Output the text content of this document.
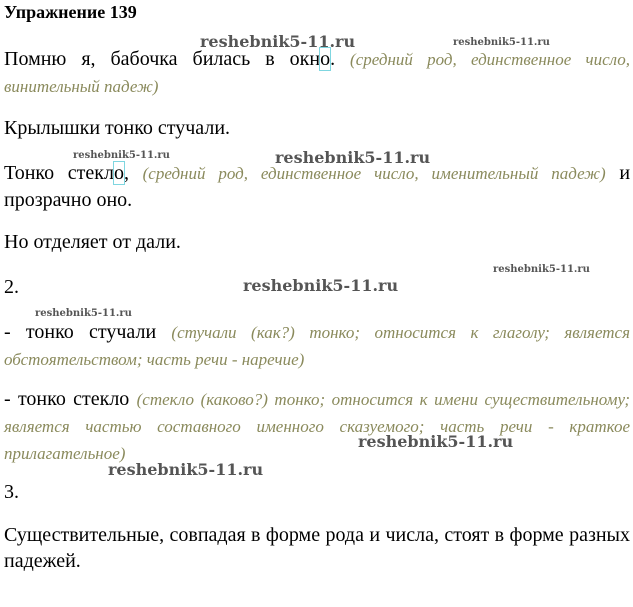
Упражнение 139
reshebnik5-11.ru	reshebnik5-11.ru
reshebnik5-11.ru	reshebnik5-11.ru
reshebnik5-11.ru
reshebnik5-11.ru
reshebnik5-11.ru
reshebnik5-11.ru
reshebnik5-11.ru
Помню я, бабочка билась в окно. (средний род, единственное число, винительный падеж)
Крылышки тонко стучали.
Тонко стекло, (средний род, единственное число, именительный падеж) и прозрачно оно.
Но отделяет от дали.
2.
- тонко стучали (стучали (как?) тонко; относится к глаголу; является обстоятельством; часть речи - наречие)
- тонко стекло (стекло (каково?) тонко; относится к имени существительному; является частью составного именного сказуемого; часть речи - краткое прилагательное)
3.
Существительные, совпадая в форме рода и числа, стоят в форме разных падежей.
